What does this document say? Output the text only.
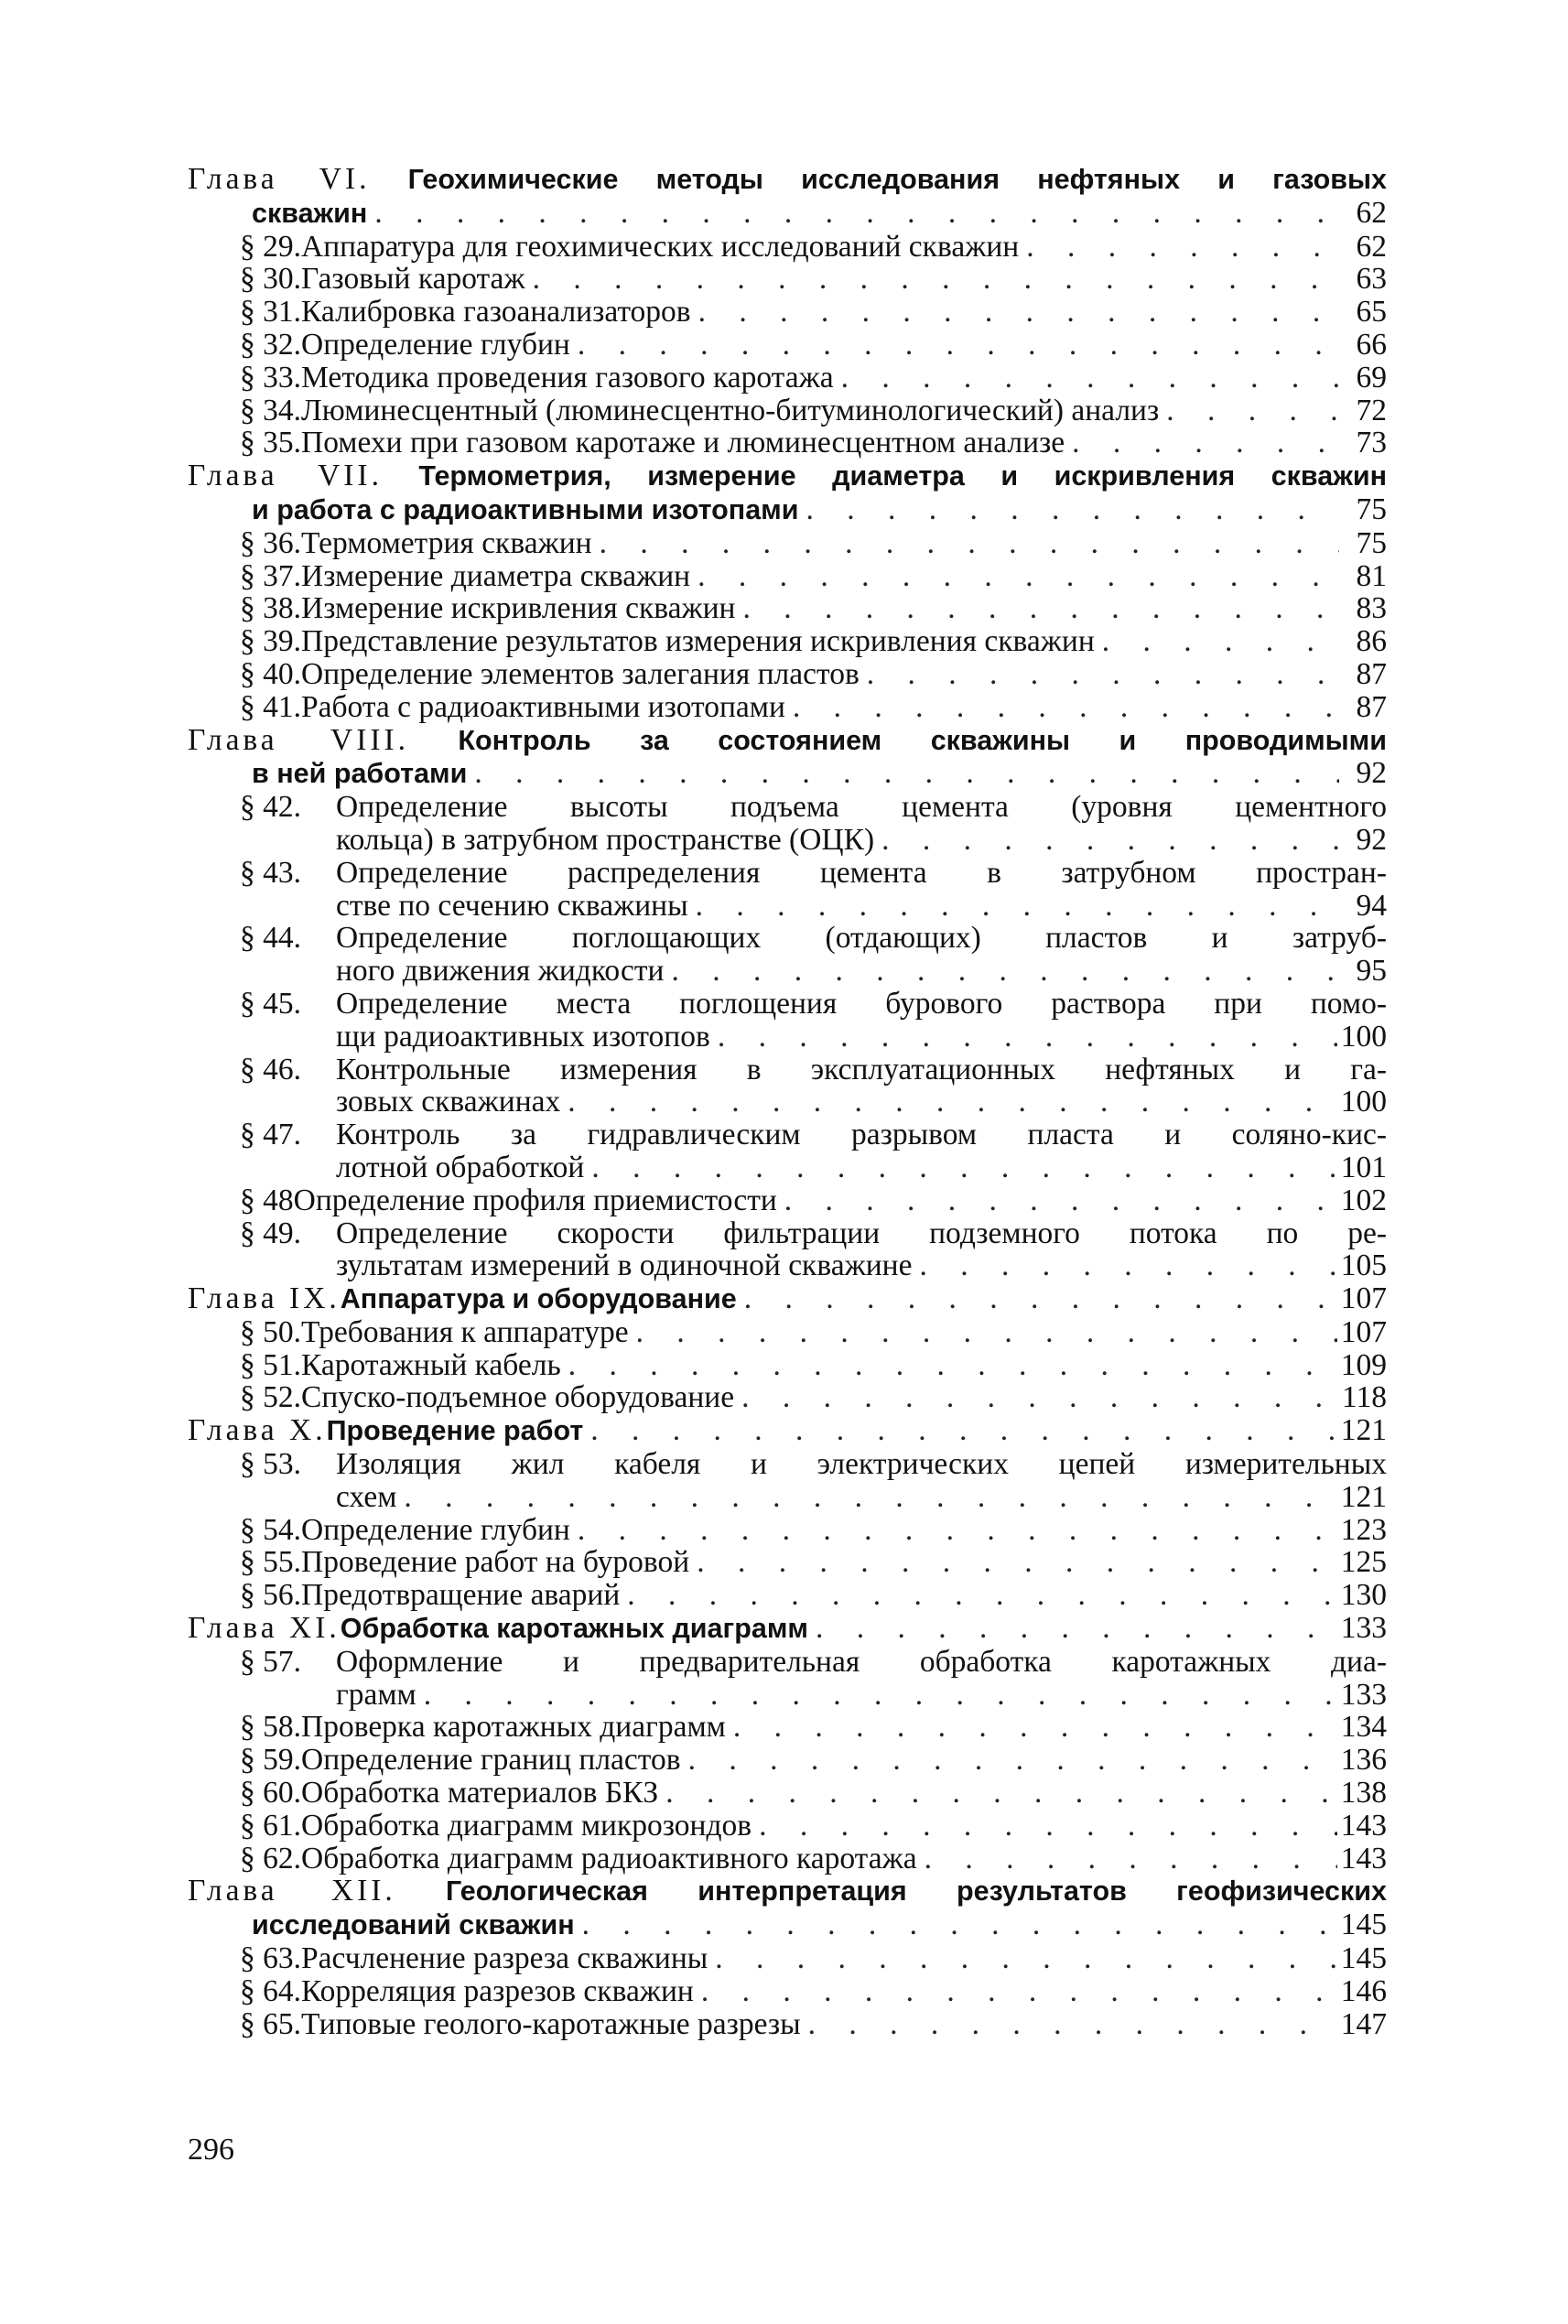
Глава VI. Геохимические методы исследования нефтяных и газовых
скважин . . .	62
§ 29. Аппаратура для геохимических исследований скважин . . .	62
§ 30. Газовый каротаж . . .	63
§ 31. Калибровка газоанализаторов . . .	65
§ 32. Определение глубин . . .	66
§ 33. Методика проведения газового каротажа . . .	69
§ 34. Люминесцентный (люминесцентно-битуминологический) анализ . . .	72
§ 35. Помехи при газовом каротаже и люминесцентном анализе . . .	73
Глава VII. Термометрия, измерение диаметра и искривления скважин
и работа с радиоактивными изотопами . . .	75
§ 36. Термометрия скважин . . .	75
§ 37. Измерение диаметра скважин . . .	81
§ 38. Измерение искривления скважин . . .	83
§ 39. Представление результатов измерения искривления скважин . . .	86
§ 40. Определение элементов залегания пластов . . .	87
§ 41. Работа с радиоактивными изотопами . . .	87
Глава VIII. Контроль за состоянием скважины и проводимыми
в ней работами . . .	92
§ 42. Определение высоты подъема цемента (уровня цементного
кольца) в затрубном пространстве (ОЦК) . . .	92
§ 43. Определение распределения цемента в затрубном простран-
стве по сечению скважины . . .	94
§ 44. Определение поглощающих (отдающих) пластов и затруб-
ного движения жидкости . . .	95
§ 45. Определение места поглощения бурового раствора при помо-
щи радиоактивных изотопов . . .	100
§ 46. Контрольные измерения в эксплуатационных нефтяных и га-
зовых скважинах . . .	100
§ 47. Контроль за гидравлическим разрывом пласта и соляно-кис-
лотной обработкой . . .	101
§ 48 Определение профиля приемистости . . .	102
§ 49. Определение скорости фильтрации подземного потока по ре-
зультатам измерений в одиночной скважине . . .	105
Глава IX. Аппаратура и оборудование . . .	107
§ 50. Требования к аппаратуре . . .	107
§ 51. Каротажный кабель . . .	109
§ 52. Спуско-подъемное оборудование . . .	118
Глава X. Проведение работ . . .	121
§ 53. Изоляция жил кабеля и электрических цепей измерительных
схем . . .	121
§ 54. Определение глубин . . .	123
§ 55. Проведение работ на буровой . . .	125
§ 56. Предотвращение аварий . . .	130
Глава XI. Обработка каротажных диаграмм . . .	133
§ 57. Оформление и предварительная обработка каротажных диа-
грамм . . .	133
§ 58. Проверка каротажных диаграмм . . .	134
§ 59. Определение границ пластов . . .	136
§ 60. Обработка материалов БКЗ . . .	138
§ 61. Обработка диаграмм микрозондов . . .	143
§ 62. Обработка диаграмм радиоактивного каротажа . . .	143
Глава XII. Геологическая интерпретация результатов геофизических
исследований скважин . . .	145
§ 63. Расчленение разреза скважины . . .	145
§ 64. Корреляция разрезов скважин . . .	146
§ 65. Типовые геолого-каротажные разрезы . . .	147
296
